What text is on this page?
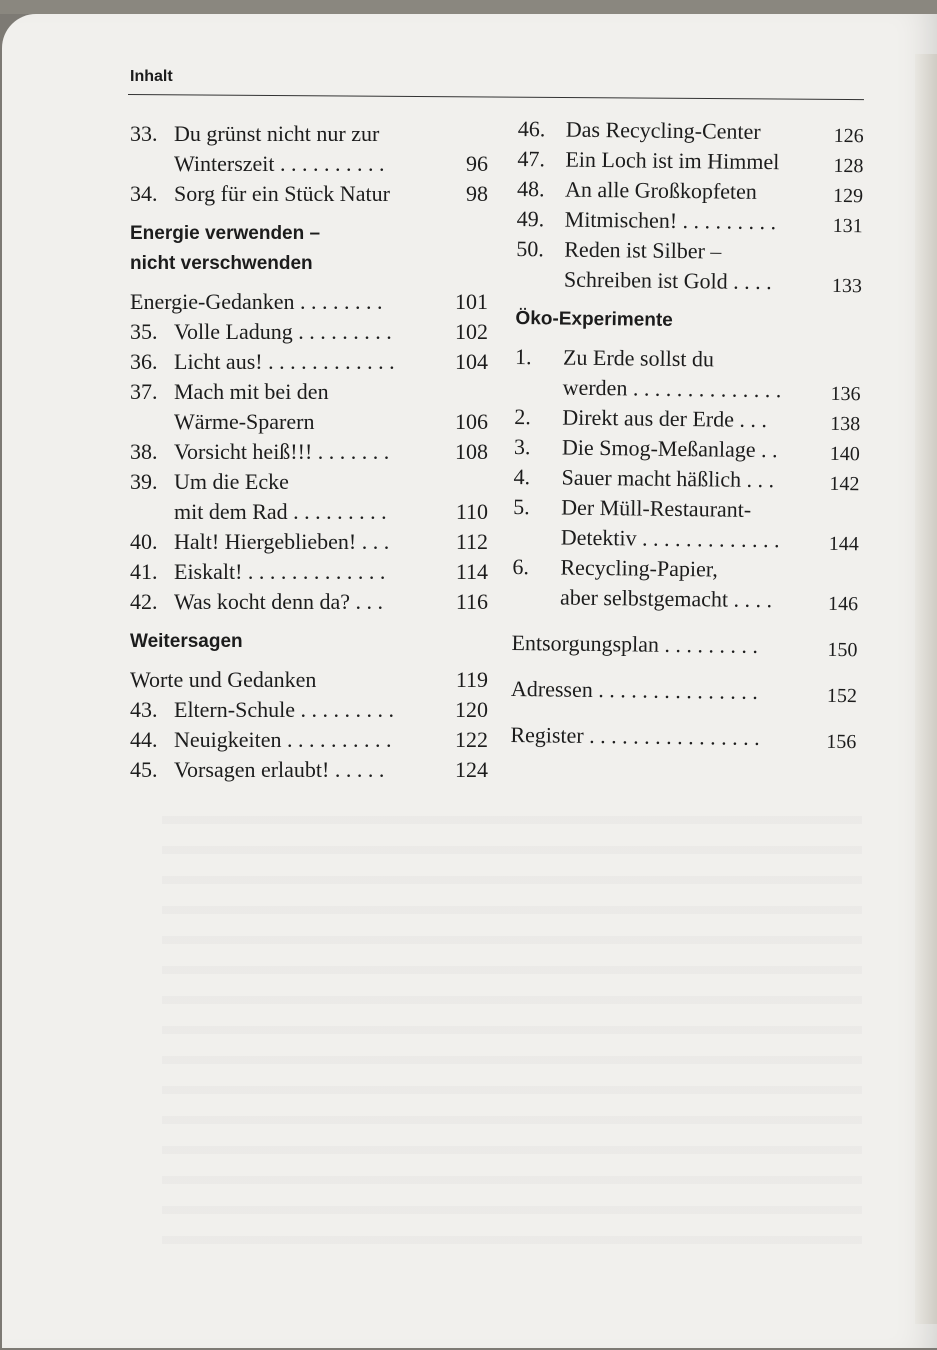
Inhalt
33. Du grünst nicht nur zur
Winterszeit . . . . . . . . . .	96
34. Sorg für ein Stück Natur	98
Energie verwenden –
nicht verschwenden
Energie-Gedanken . . . . . . . .	101
35. Volle Ladung . . . . . . . . .	102
36. Licht aus! . . . . . . . . . . . .	104
37. Mach mit bei den
Wärme-Sparern	106
38. Vorsicht heiß!!! . . . . . . .	108
39. Um die Ecke
mit dem Rad . . . . . . . . .	110
40. Halt! Hiergeblieben! . . .	112
41. Eiskalt! . . . . . . . . . . . . .	114
42. Was kocht denn da? . . .	116
Weitersagen
Worte und Gedanken	119
43. Eltern-Schule . . . . . . . . .	120
44. Neuigkeiten . . . . . . . . . .	122
45. Vorsagen erlaubt! . . . . .	124
46. Das Recycling-Center	126
47. Ein Loch ist im Himmel	128
48. An alle Großkopfeten	129
49. Mitmischen! . . . . . . . . .	131
50. Reden ist Silber –
Schreiben ist Gold . . . .	133
Öko-Experimente
1. Zu Erde sollst du
werden . . . . . . . . . . . . . . 136
2. Direkt aus der Erde . . .	138
3. Die Smog-Meßanlage . .	140
4. Sauer macht häßlich . . .	142
5. Der Müll-Restaurant-
Detektiv . . . . . . . . . . . . . 144
6. Recycling-Papier,
aber selbstgemacht . . . .	146
Entsorgungsplan . . . . . . . . .	150
Adressen . . . . . . . . . . . . . . .	152
Register . . . . . . . . . . . . . . . .	156
